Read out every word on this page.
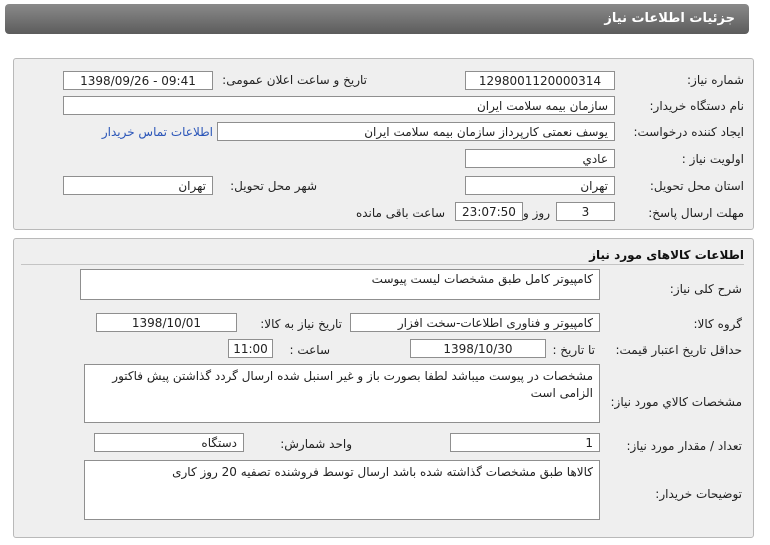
جزئیات اطلاعات نیاز
شماره نیاز:
1298001120000314
تاریخ و ساعت اعلان عمومی:
1398/09/26 - 09:41
نام دستگاه خریدار:
سازمان بیمه سلامت ایران
ایجاد کننده درخواست:
یوسف نعمتی کارپرداز سازمان بیمه سلامت ایران
اطلاعات تماس خریدار
اولویت نیاز :
عادي
استان محل تحویل:
تهران
شهر محل تحویل:
تهران
مهلت ارسال پاسخ:
3
روز و
23:07:50
ساعت باقی مانده
اطلاعات کالاهای مورد نیاز
شرح کلی نیاز:
کامپیوتر کامل طبق مشخصات لیست پیوست
گروه کالا:
کامپیوتر و فناوری اطلاعات-سخت افزار
تاریخ نیاز به کالا:
1398/10/01
حداقل تاریخ اعتبار قیمت:
1398/10/30	تا تاریخ :
ساعت :
11:00
مشخصات کالاي مورد نیاز:
مشخصات در پیوست میباشد لطفا بصورت باز و غیر اسنبل شده ارسال گردد گذاشتن پیش فاکتور الزامی است
تعداد / مقدار مورد نیاز:
1
واحد شمارش:
دستگاه
توضیحات خریدار:
کالاها طبق مشخصات گذاشته شده باشد ارسال توسط فروشنده تصفیه 20 روز کاری
